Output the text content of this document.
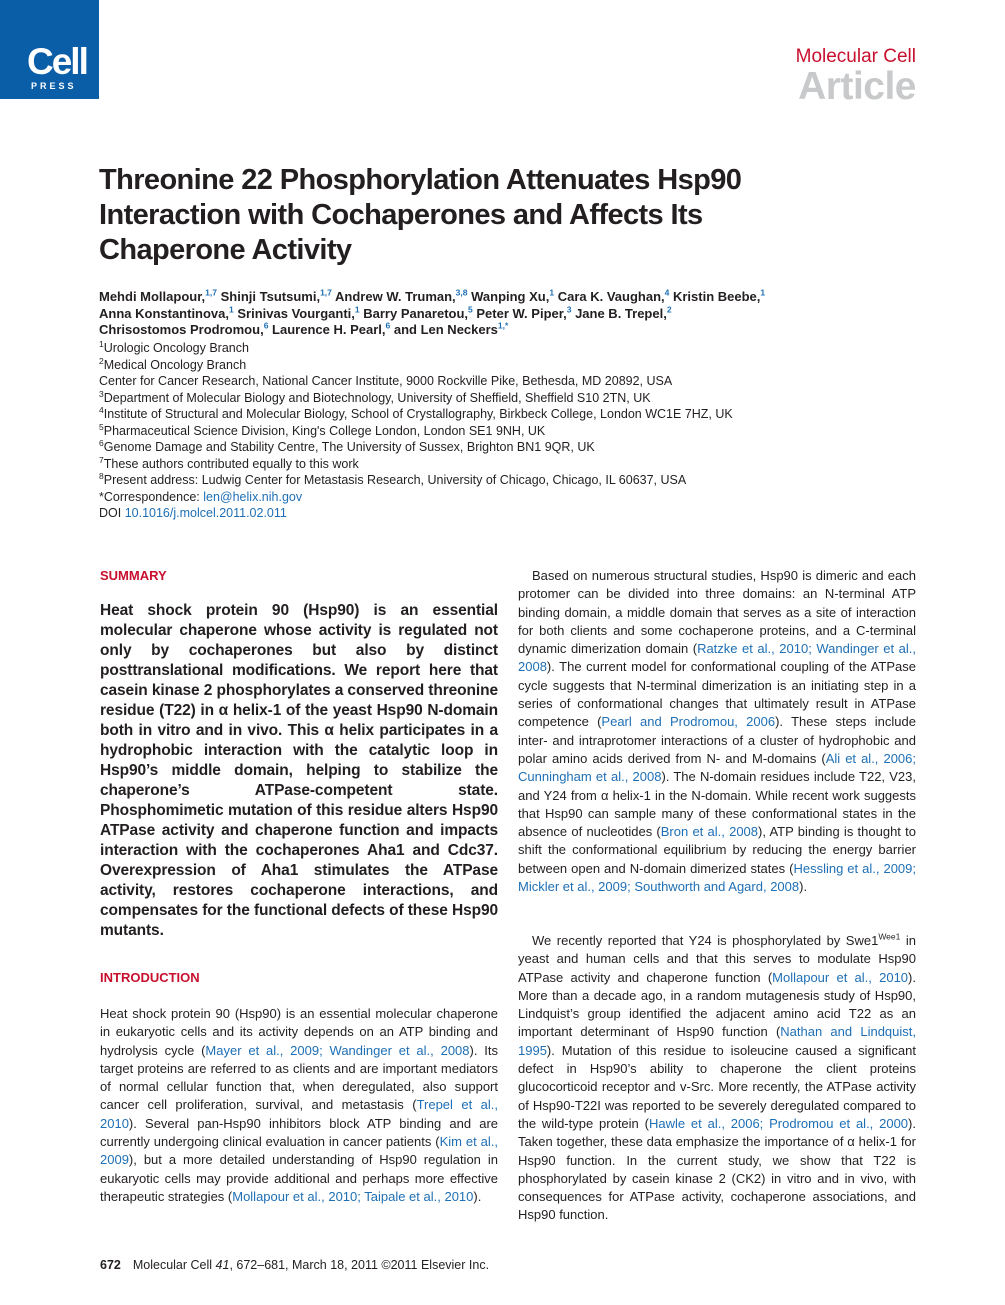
Cell
PRESS
Molecular Cell
Article
Threonine 22 Phosphorylation Attenuates Hsp90 Interaction with Cochaperones and Affects Its Chaperone Activity
Mehdi Mollapour,$^{1,7}$ Shinji Tsutsumi,$^{1,7}$ Andrew W. Truman,$^{3,8}$ Wanping Xu,$^1$ Cara K. Vaughan,$^4$ Kristin Beebe,$^1$
Anna Konstantinova,$^1$ Srinivas Vourganti,$^1$ Barry Panaretou,$^5$ Peter W. Piper,$^3$ Jane B. Trepel,$^2$
Chrisostomos Prodromou,$^6$ Laurence H. Pearl,$^6$ and Len Neckers$^{1,*}$
$^1$Urologic Oncology Branch
$^2$Medical Oncology Branch
Center for Cancer Research, National Cancer Institute, 9000 Rockville Pike, Bethesda, MD 20892, USA
$^3$Department of Molecular Biology and Biotechnology, University of Sheffield, Sheffield S10 2TN, UK
$^4$Institute of Structural and Molecular Biology, School of Crystallography, Birkbeck College, London WC1E 7HZ, UK
$^5$Pharmaceutical Science Division, King's College London, London SE1 9NH, UK
$^6$Genome Damage and Stability Centre, The University of Sussex, Brighton BN1 9QR, UK
$^7$These authors contributed equally to this work
$^8$Present address: Ludwig Center for Metastasis Research, University of Chicago, Chicago, IL 60637, USA
*Correspondence: len@helix.nih.gov
DOI 10.1016/j.molcel.2011.02.011
SUMMARY

Heat shock protein 90 (Hsp90) is an essential molecular chaperone whose activity is regulated not only by cochaperones but also by distinct posttranslational modifications. We report here that casein kinase 2 phosphorylates a conserved threonine residue (T22) in α helix-1 of the yeast Hsp90 N-domain both in vitro and in vivo. This α helix participates in a hydrophobic interaction with the catalytic loop in Hsp90’s middle domain, helping to stabilize the chaperone’s ATPase-competent state. Phosphomimetic mutation of this residue alters Hsp90 ATPase activity and chaperone function and impacts interaction with the cochaperones Aha1 and Cdc37. Overexpression of Aha1 stimulates the ATPase activity, restores cochaperone interactions, and compensates for the functional defects of these Hsp90 mutants.

INTRODUCTION

Heat shock protein 90 (Hsp90) is an essential molecular chaperone in eukaryotic cells and its activity depends on an ATP binding and hydrolysis cycle (Mayer et al., 2009; Wandinger et al., 2008). Its target proteins are referred to as clients and are important mediators of normal cellular function that, when deregulated, also support cancer cell proliferation, survival, and metastasis (Trepel et al., 2010). Several pan-Hsp90 inhibitors block ATP binding and are currently undergoing clinical evaluation in cancer patients (Kim et al., 2009), but a more detailed understanding of Hsp90 regulation in eukaryotic cells may provide additional and perhaps more effective therapeutic strategies (Mollapour et al., 2010; Taipale et al., 2010).

Based on numerous structural studies, Hsp90 is dimeric and each protomer can be divided into three domains: an N-terminal ATP binding domain, a middle domain that serves as a site of interaction for both clients and some cochaperone proteins, and a C-terminal dynamic dimerization domain (Ratzke et al., 2010; Wandinger et al., 2008). The current model for conformational coupling of the ATPase cycle suggests that N-terminal dimerization is an initiating step in a series of conformational changes that ultimately result in ATPase competence (Pearl and Prodromou, 2006). These steps include inter- and intraprotomer interactions of a cluster of hydrophobic and polar amino acids derived from N- and M-domains (Ali et al., 2006; Cunningham et al., 2008). The N-domain residues include T22, V23, and Y24 from α helix-1 in the N-domain. While recent work suggests that Hsp90 can sample many of these conformational states in the absence of nucleotides (Bron et al., 2008), ATP binding is thought to shift the conformational equilibrium by reducing the energy barrier between open and N-domain dimerized states (Hessling et al., 2009; Mickler et al., 2009; Southworth and Agard, 2008).

We recently reported that Y24 is phosphorylated by $Swe1^{Wee1}$ in yeast and human cells and that this serves to modulate Hsp90 ATPase activity and chaperone function (Mollapour et al., 2010). More than a decade ago, in a random mutagenesis study of Hsp90, Lindquist’s group identified the adjacent amino acid T22 as an important determinant of Hsp90 function (Nathan and Lindquist, 1995). Mutation of this residue to isoleucine caused a significant defect in Hsp90’s ability to chaperone the client proteins glucocorticoid receptor and v-Src. More recently, the ATPase activity of Hsp90-T22I was reported to be severely deregulated compared to the wild-type protein (Hawle et al., 2006; Prodromou et al., 2000). Taken together, these data emphasize the importance of α helix-1 for Hsp90 function. In the current study, we show that T22 is phosphorylated by casein kinase 2 (CK2) in vitro and in vivo, with consequences for ATPase activity, cochaperone associations, and Hsp90 function.

672 Molecular Cell 41, 672–681, March 18, 2011 ©2011 Elsevier Inc.
